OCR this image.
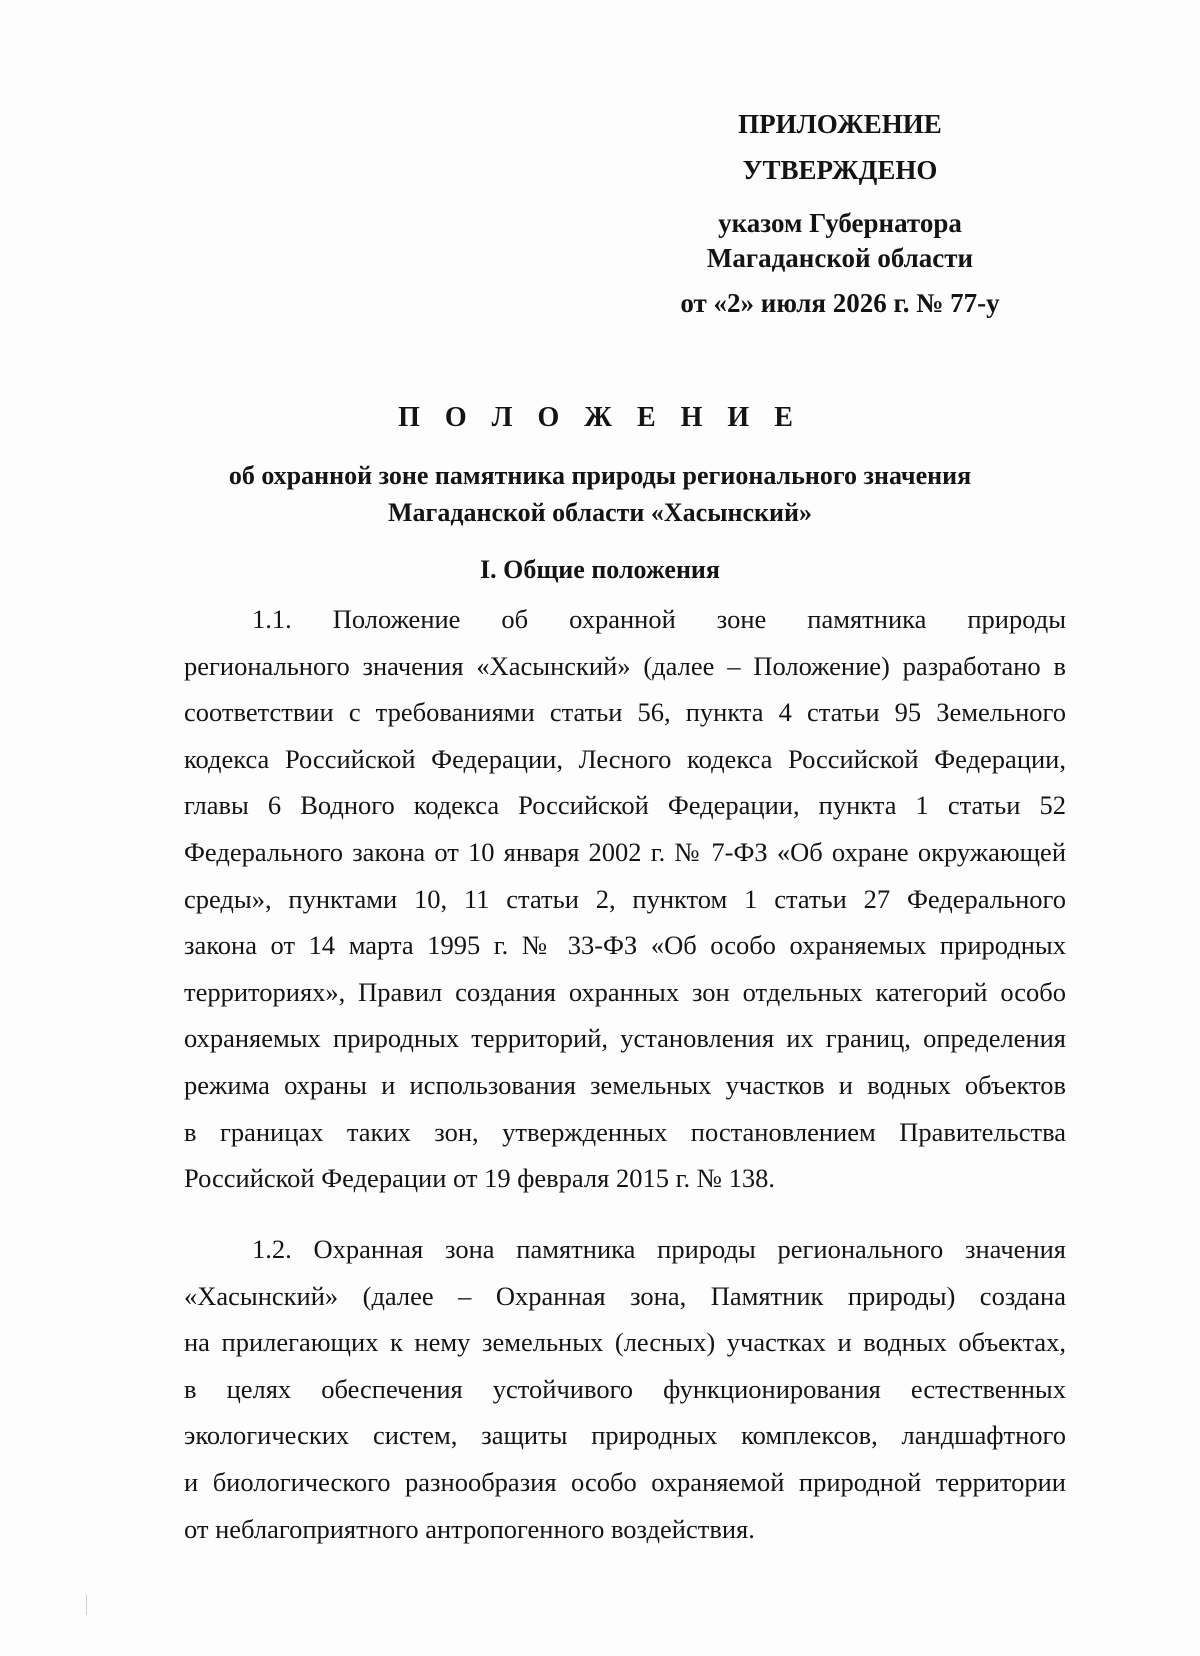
ПРИЛОЖЕНИЕ
УТВЕРЖДЕНО
указом Губернатора
Магаданской области
от «2» июля 2026 г. № 77-у
П О Л О Ж Е Н И Е
об охранной зоне памятника природы регионального значения
Магаданской области «Хасынский»
I. Общие положения
1.1. Положение об охранной зоне памятника природы
регионального значения «Хасынский» (далее – Положение) разработано в
соответствии с требованиями статьи 56, пункта 4 статьи 95 Земельного
кодекса Российской Федерации, Лесного кодекса Российской Федерации,
главы 6 Водного кодекса Российской Федерации, пункта 1 статьи 52
Федерального закона от 10 января 2002 г. № 7-ФЗ «Об охране окружающей
среды», пунктами 10, 11 статьи 2, пунктом 1 статьи 27 Федерального
закона от 14 марта 1995 г. № 33-ФЗ «Об особо охраняемых природных
территориях», Правил создания охранных зон отдельных категорий особо
охраняемых природных территорий, установления их границ, определения
режима охраны и использования земельных участков и водных объектов
в границах таких зон, утвержденных постановлением Правительства
Российской Федерации от 19 февраля 2015 г. № 138.
1.2. Охранная зона памятника природы регионального значения
«Хасынский» (далее – Охранная зона, Памятник природы) создана
на прилегающих к нему земельных (лесных) участках и водных объектах,
в целях обеспечения устойчивого функционирования естественных
экологических систем, защиты природных комплексов, ландшафтного
и биологического разнообразия особо охраняемой природной территории
от неблагоприятного антропогенного воздействия.
